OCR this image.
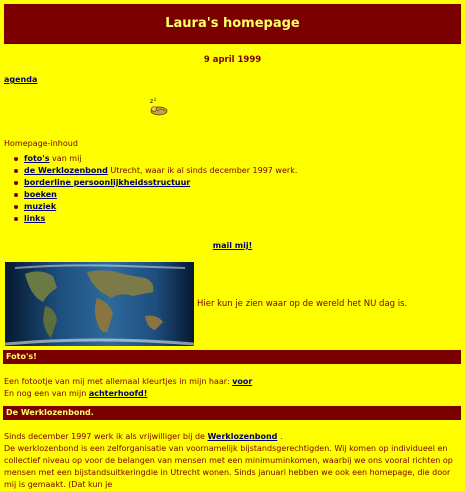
Laura's homepage
9 april 1999
agenda
z z
Homepage-inhoud
foto's van mij
de Werklozenbond Utrecht, waar ik al sinds december 1997 werk.
borderline persoonlijkheidsstructuur
boeken
muziek
links
mail mij!
Hier kun je zien waar op de wereld het NU dag is.
Foto's!
Een fotootje van mij met allemaal kleurtjes in mijn haar: voor
En nog een van mijn achterhoofd!
De Werklozenbond.
Sinds december 1997 werk ik als vrijwilliger bij de Werklozenbond .
De werklozenbond is een zelforganisatie van voornamelijk bijstandsgerechtigden. Wij komen op individueel en collectief niveau op voor de belangen van mensen met een minimuminkomen, waarbij we ons vooral richten op mensen met een bijstandsuitkeringdie in Utrecht wonen. Sinds januari hebben we ook een homepage, die door mij is gemaakt. (Dat kun je
